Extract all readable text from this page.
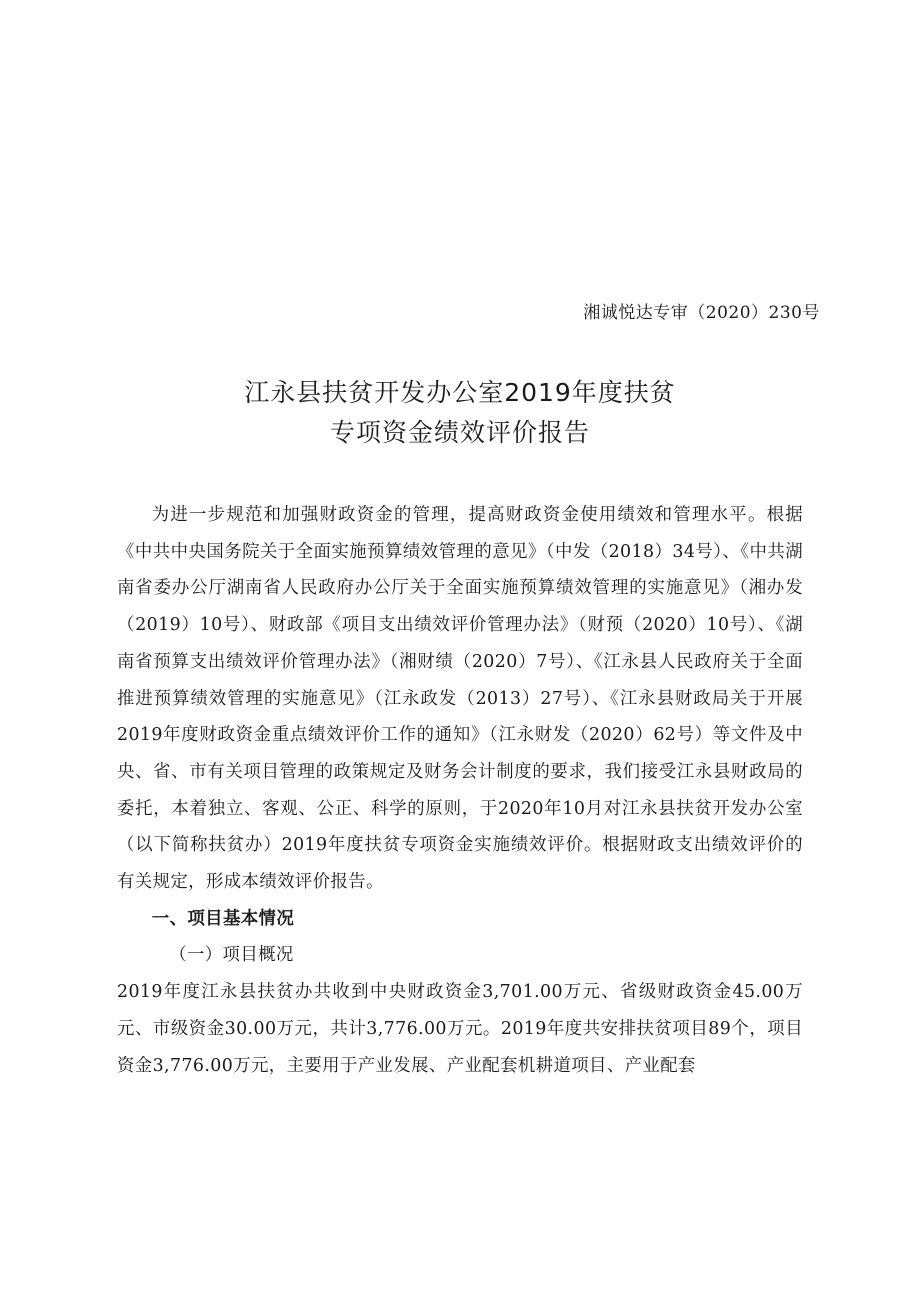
湘诚悦达专审（2020）230号
江永县扶贫开发办公室2019年度扶贫
专项资金绩效评价报告

为进一步规范和加强财政资金的管理，提高财政资金使用绩效和管理水平。根据《中共中央国务院关于全面实施预算绩效管理的意见》（中发（2018）34号）、《中共湖南省委办公厅湖南省人民政府办公厅关于全面实施预算绩效管理的实施意见》（湘办发（2019）10号）、财政部《项目支出绩效评价管理办法》（财预（2020）10号）、《湖南省预算支出绩效评价管理办法》（湘财绩（2020）7号）、《江永县人民政府关于全面推进预算绩效管理的实施意见》（江永政发（2013）27号）、《江永县财政局关于开展2019年度财政资金重点绩效评价工作的通知》（江永财发（2020）62号）等文件及中央、省、市有关项目管理的政策规定及财务会计制度的要求，我们接受江永县财政局的委托，本着独立、客观、公正、科学的原则，于2020年10月对江永县扶贫开发办公室（以下简称扶贫办）2019年度扶贫专项资金实施绩效评价。根据财政支出绩效评价的有关规定，形成本绩效评价报告。

一、项目基本情况

（一）项目概况

2019年度江永县扶贫办共收到中央财政资金3,701.00万元、省级财政资金45.00万元、市级资金30.00万元，共计3,776.00万元。2019年度共安排扶贫项目89个，项目资金3,776.00万元，主要用于产业发展、产业配套机耕道项目、产业配套
